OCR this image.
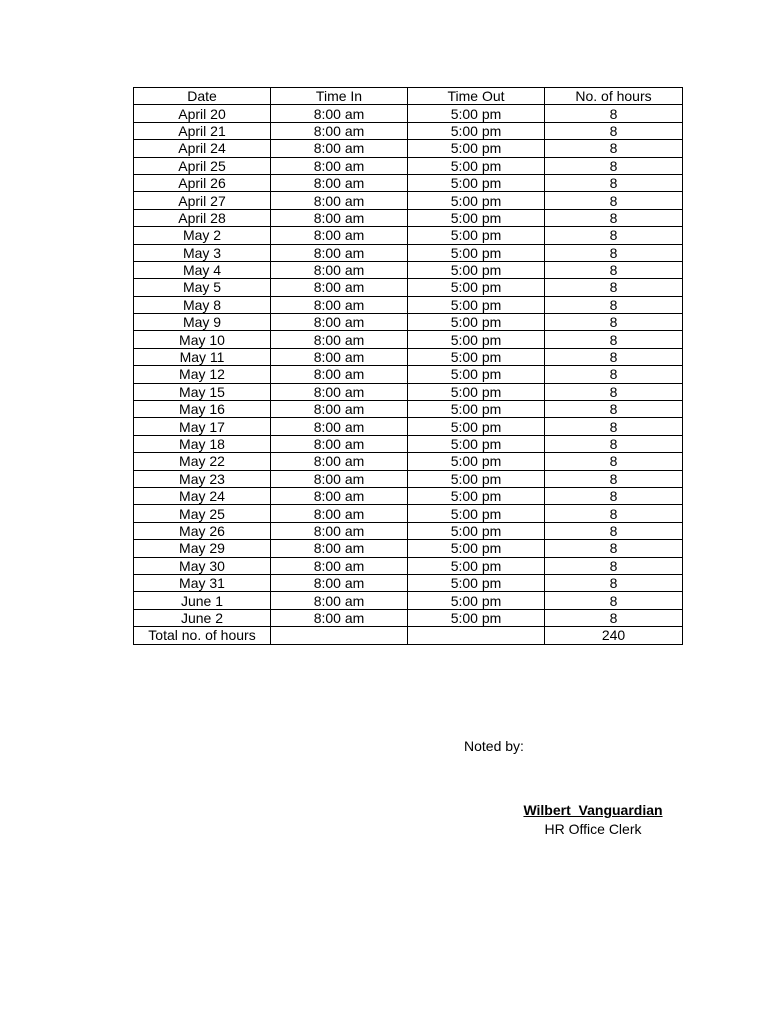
Date	Time In	Time Out	No. of hours
April 20	8:00 am	5:00 pm	8
April 21	8:00 am	5:00 pm	8
April 24	8:00 am	5:00 pm	8
April 25	8:00 am	5:00 pm	8
April 26	8:00 am	5:00 pm	8
April 27	8:00 am	5:00 pm	8
April 28	8:00 am	5:00 pm	8
May 2	8:00 am	5:00 pm	8
May 3	8:00 am	5:00 pm	8
May 4	8:00 am	5:00 pm	8
May 5	8:00 am	5:00 pm	8
May 8	8:00 am	5:00 pm	8
May 9	8:00 am	5:00 pm	8
May 10	8:00 am	5:00 pm	8
May 11	8:00 am	5:00 pm	8
May 12	8:00 am	5:00 pm	8
May 15	8:00 am	5:00 pm	8
May 16	8:00 am	5:00 pm	8
May 17	8:00 am	5:00 pm	8
May 18	8:00 am	5:00 pm	8
May 22	8:00 am	5:00 pm	8
May 23	8:00 am	5:00 pm	8
May 24	8:00 am	5:00 pm	8
May 25	8:00 am	5:00 pm	8
May 26	8:00 am	5:00 pm	8
May 29	8:00 am	5:00 pm	8
May 30	8:00 am	5:00 pm	8
May 31	8:00 am	5:00 pm	8
June 1	8:00 am	5:00 pm	8
June 2	8:00 am	5:00 pm	8
Total no. of hours			240
Noted by:
Wilbert  Vanguardian
HR Office Clerk
